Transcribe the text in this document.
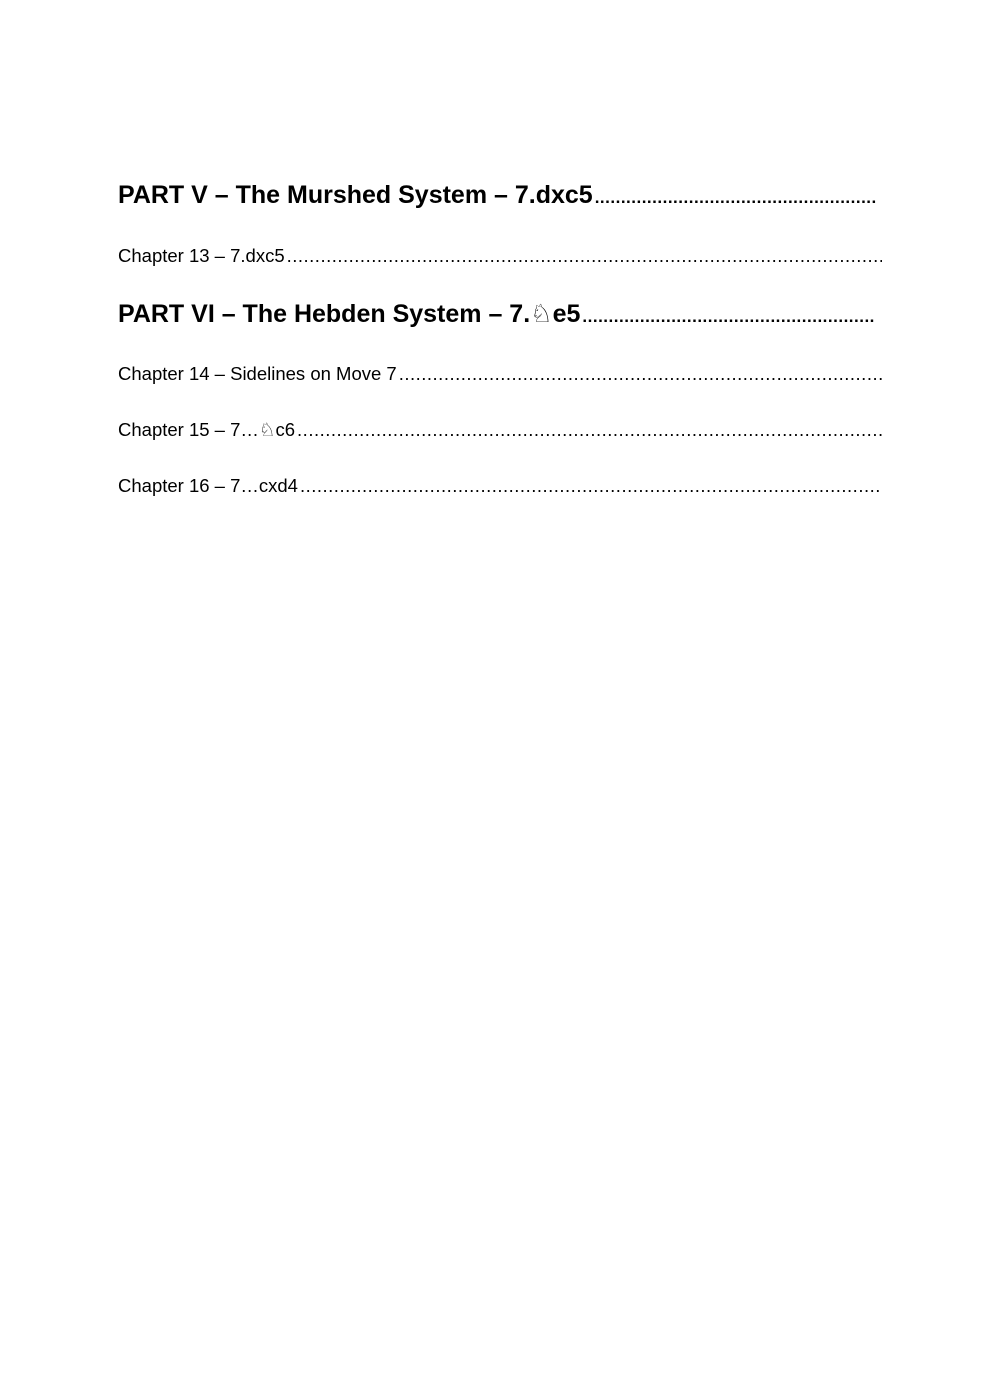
PART V – The Murshed System – 7.dxc5
.....
Chapter 13 – 7.dxc5
.....
PART VI – The Hebden System – 7.♘e5
.....
Chapter 14 – Sidelines on Move 7
.....
Chapter 15 – 7…♘c6
.....
Chapter 16 – 7…cxd4
.....
